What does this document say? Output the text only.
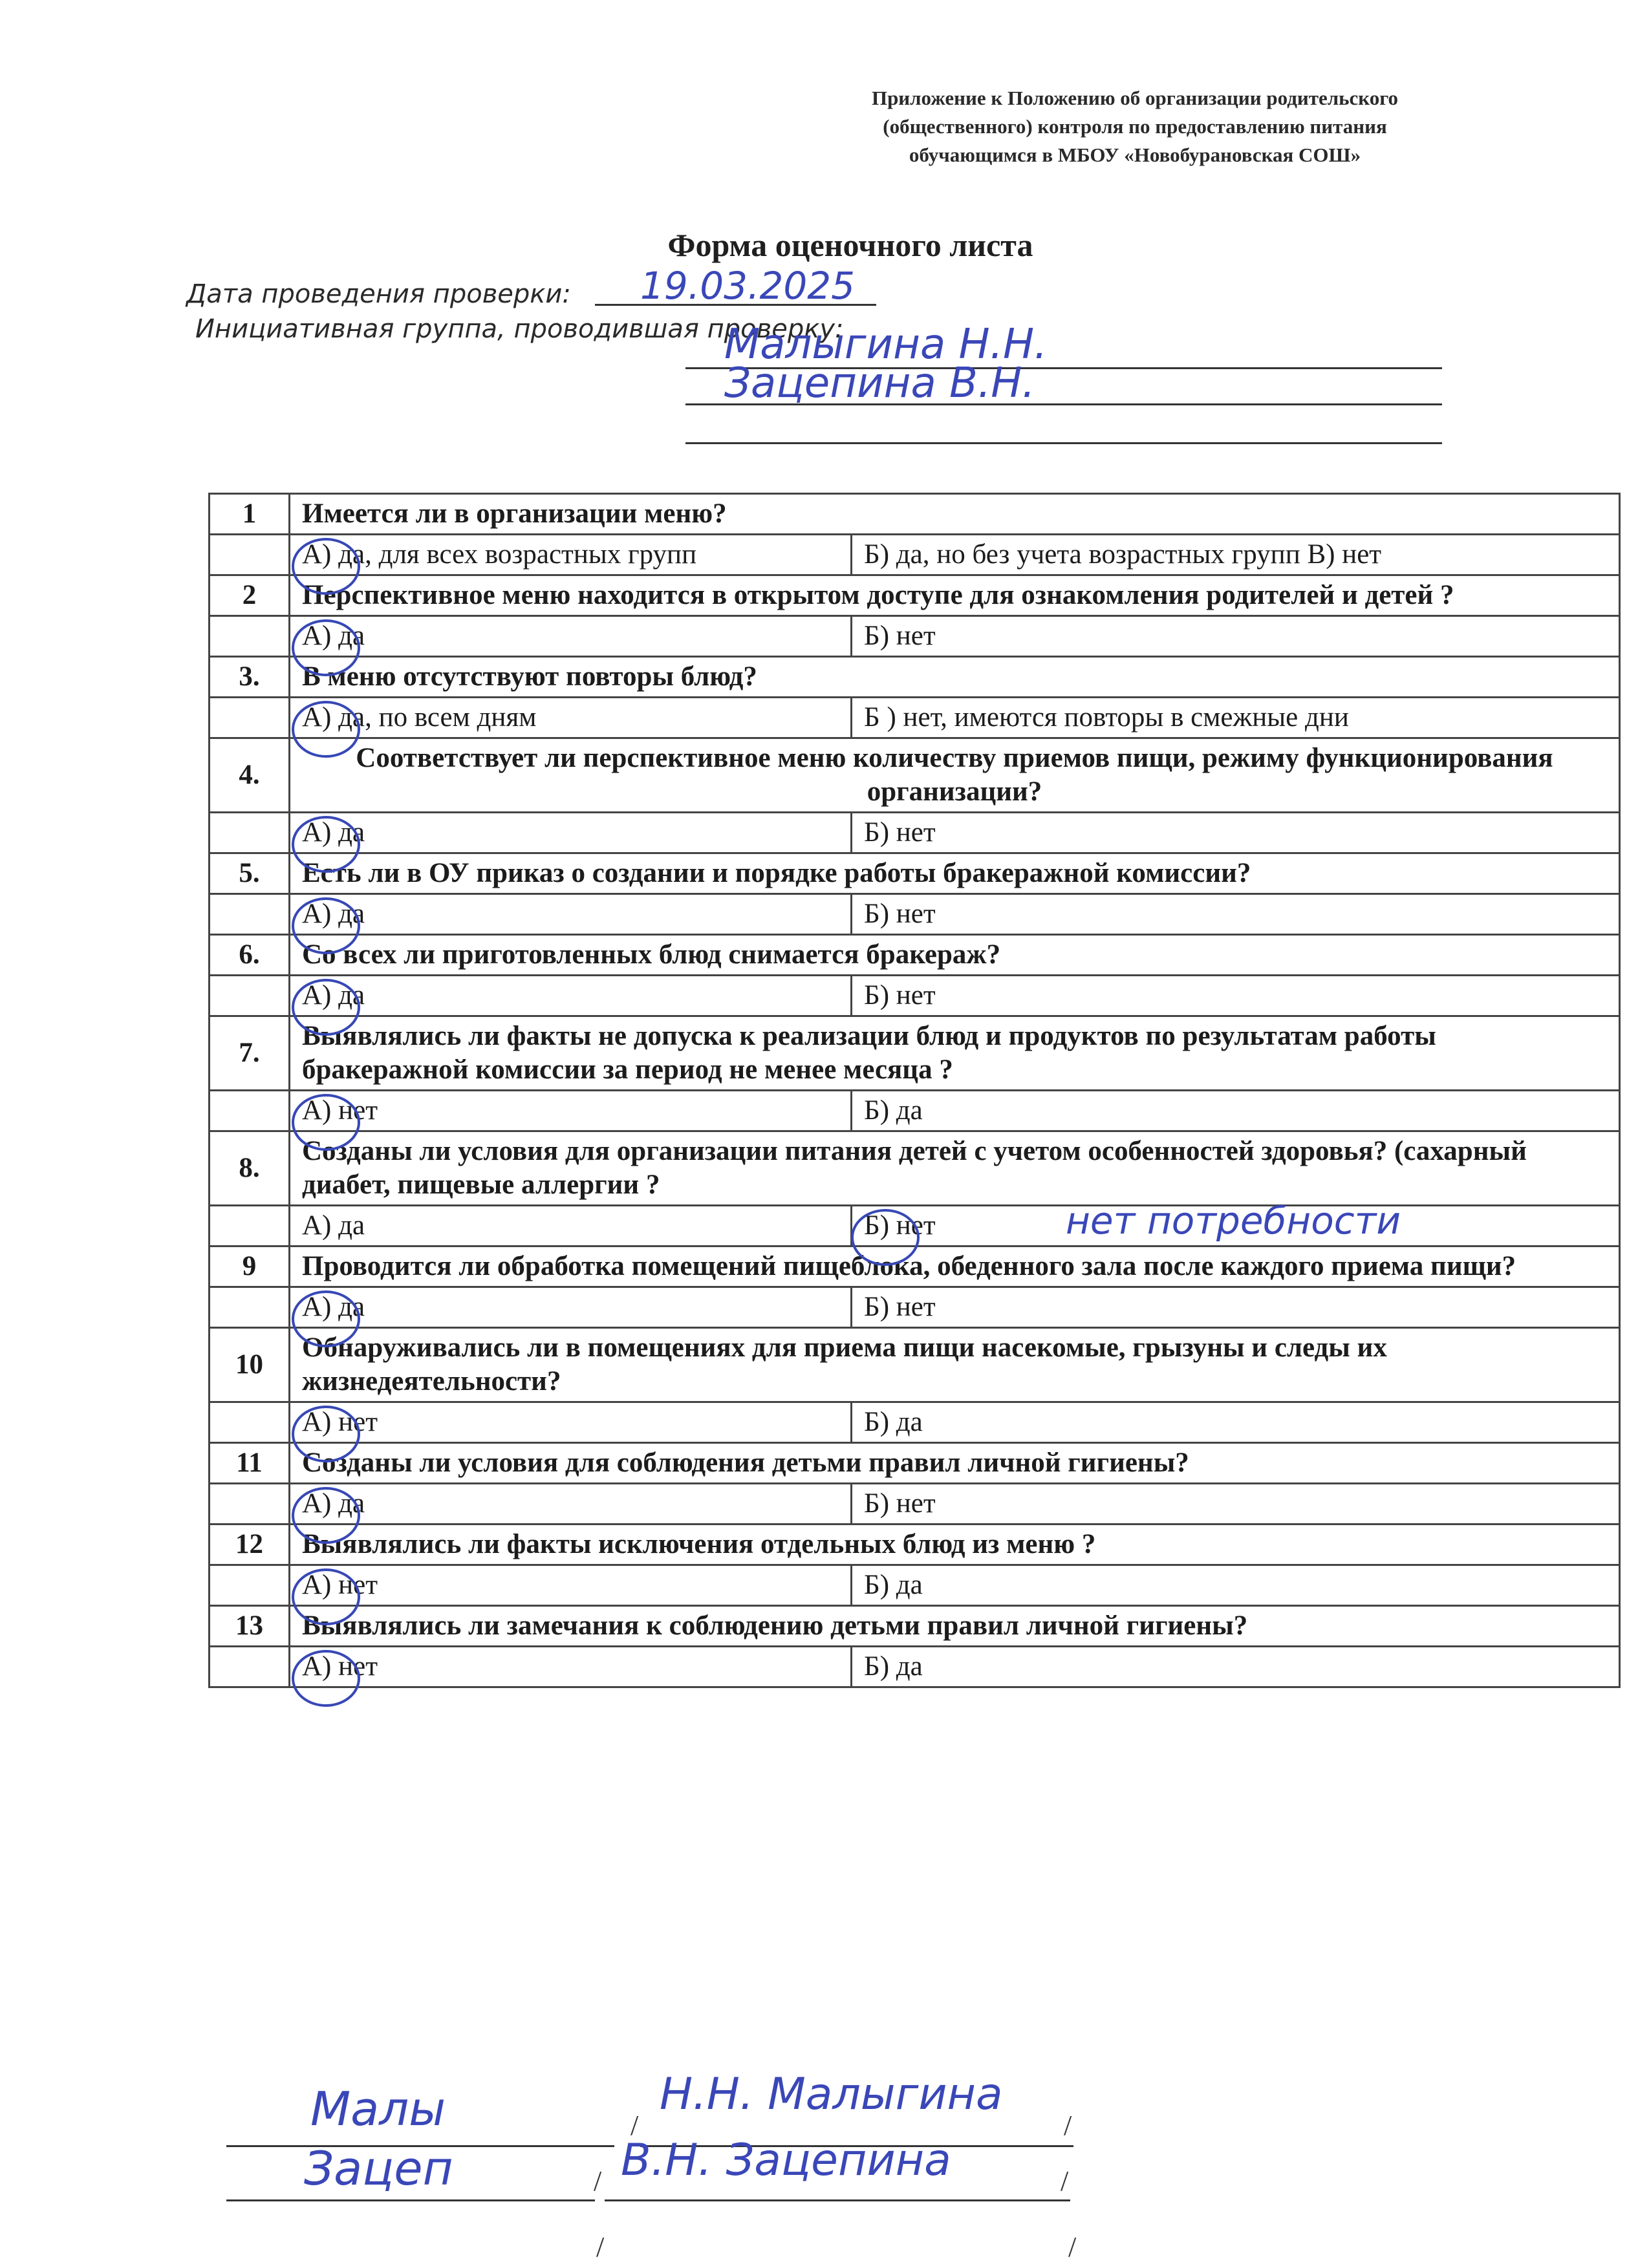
Приложение к Положению об организации родительского
(общественного) контроля по предоставлению питания
обучающимся в МБОУ «Новобурановская СОШ»
Форма оценочного листа
Дата проведения проверки: 19.03.2025
Инициативная группа, проводившая проверку:
Малыгина Н.Н.
Зацепина В.Н.
1	Имеется ли в организации меню?	

А) да, для всех возрастных групп	Б) да, но без учета возрастных групп В) нет
2	Перспективное меню находится в открытом доступе для ознакомления родителей и детей ?	

А) да	Б) нет
3.	В меню отсутствуют повторы блюд?	

А) да, по всем дням	Б ) нет, имеются повторы в смежные дни
4.	Соответствует ли перспективное меню количеству приемов пищи, режиму функционирования организации?	

А) да	Б) нет
5.	Есть ли в ОУ приказ о создании и порядке работы бракеражной комиссии?	

А) да	Б) нет
6.	Со всех ли приготовленных блюд снимается бракераж?	

А) да	Б) нет
7.	Выявлялись ли факты не допуска к реализации блюд и продуктов по результатам работы бракеражной комиссии за период не менее месяца ?	

А) нет	Б) да
8.	Созданы ли условия для организации питания детей с учетом особенностей здоровья? (сахарный диабет, пищевые аллергии ?	
	А) да	Б) нет нет потребности

9	Проводится ли обработка помещений пищеблока, обеденного зала после каждого приема пищи?	

А) да	Б) нет
10	Обнаруживались ли в помещениях для приема пищи насекомые, грызуны и следы их жизнедеятельности?	

А) нет	Б) да
11	Созданы ли условия для соблюдения детьми правил личной гигиены?	

А) да	Б) нет
12	Выявлялись ли факты исключения отдельных блюд из меню ?	

А) нет	Б) да
13	Выявлялись ли замечания к соблюдению детьми правил личной гигиены?	

А) нет	Б) да
Малы	/
Н.Н. Малыгина
/
Зацеп	/ В.Н. Зацепина	/
/	/
